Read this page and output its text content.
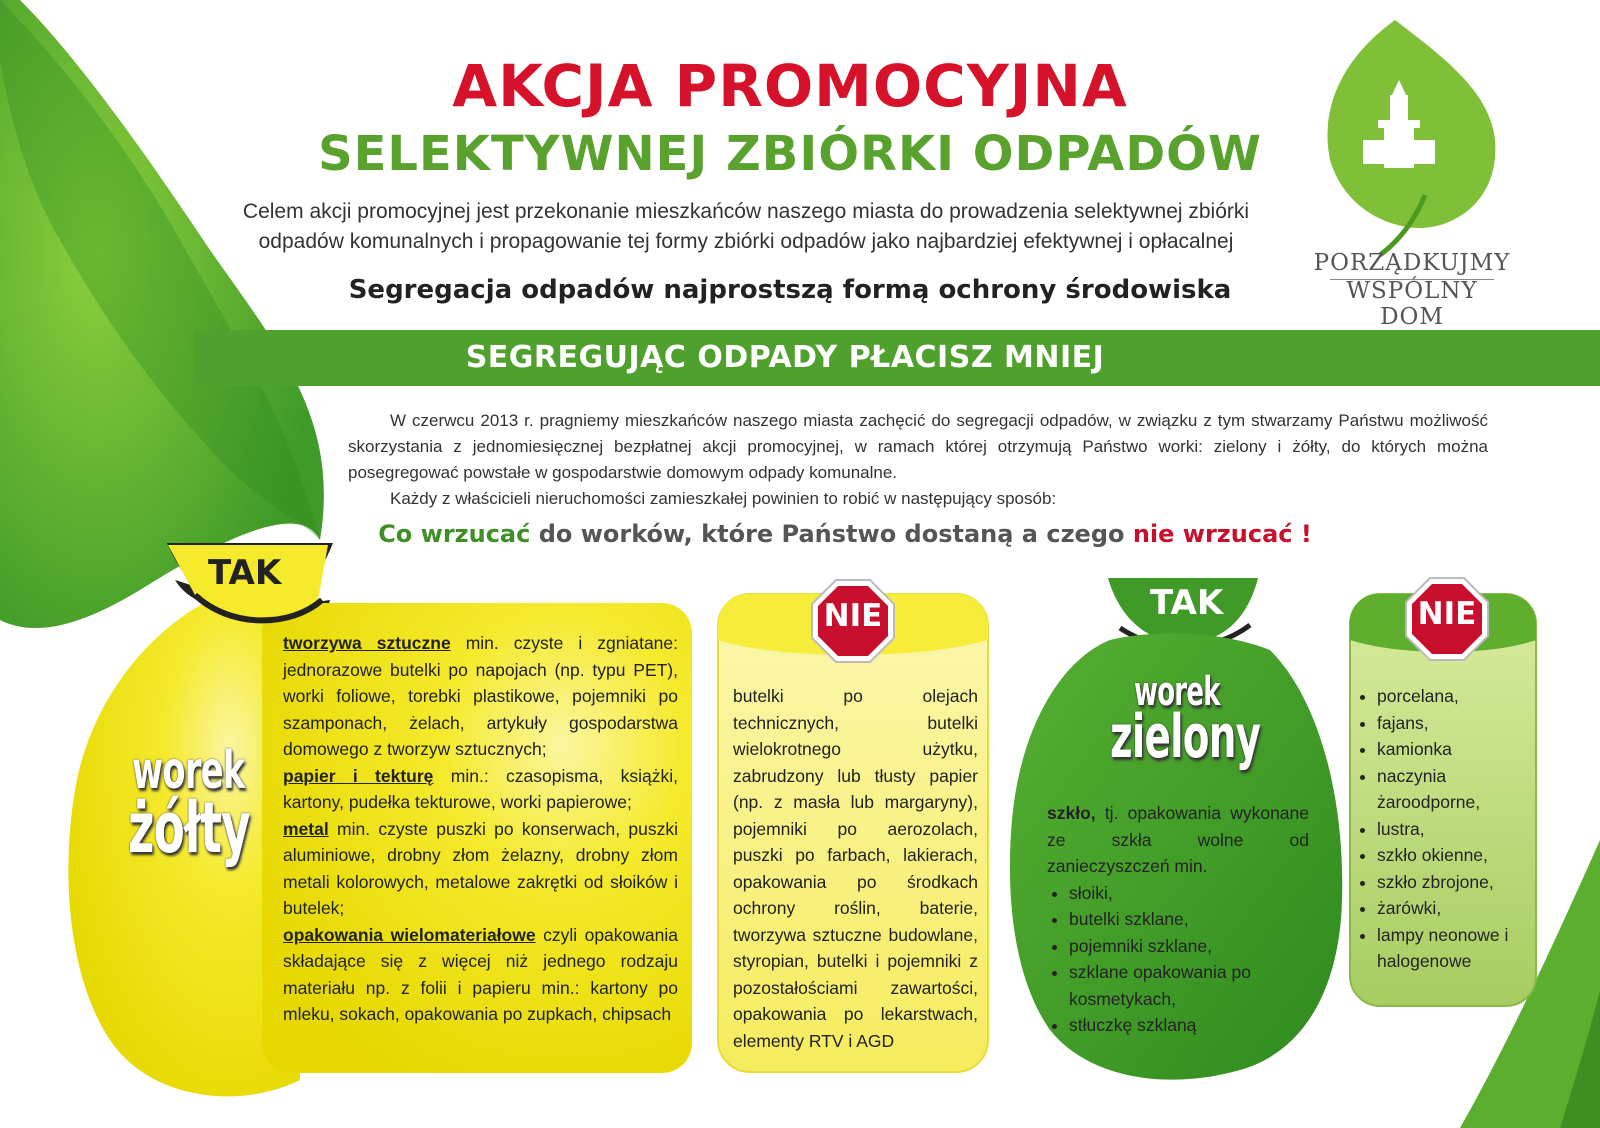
AKCJA PROMOCYJNA
SELEKTYWNEJ ZBIÓRKI ODPADÓW
Celem akcji promocyjnej jest przekonanie mieszkańców naszego miasta do prowadzenia selektywnej zbiórki
odpadów komunalnych i propagowanie tej formy zbiórki odpadów jako najbardziej efektywnej i opłacalnej
Segregacja odpadów najprostszą formą ochrony środowiska
PORZĄDKUJMY
WSPÓLNY DOM
SEGREGUJĄC ODPADY PŁACISZ MNIEJ

W czerwcu 2013 r. pragniemy mieszkańców naszego miasta zachęcić do segregacji odpadów, w związku z tym stwarzamy Państwu możliwość skorzystania z jednomiesięcznej bezpłatnej akcji promocyjnej, w ramach której otrzymują Państwo worki: zielony i żółty, do których można posegregować powstałe w gospodarstwie domowym odpady komunalne.

Każdy z właścicieli nieruchomości zamieszkałej powinien to robić w następujący sposób:

Co wrzucać do worków, które Państwo dostaną a czego nie wrzucać !
TAK
worek
żółty
tworzywa sztuczne min. czyste i zgniatane: jednorazowe butelki po napojach (np. typu PET), worki foliowe, torebki plastikowe, pojemniki po szamponach, żelach, artykuły gospodarstwa domowego z tworzyw sztucznych;
papier i tekturę min.: czasopisma, książki, kartony, pudełka tekturowe, worki papierowe;
metal min. czyste puszki po konserwach, puszki aluminiowe, drobny złom żelazny, drobny złom metali kolorowych, metalowe zakrętki od słoików i butelek;
opakowania wielomateriałowe czyli opakowania składające się z więcej niż jednego rodzaju materiału np. z folii i papieru min.: kartony po mleku, sokach, opakowania po zupkach, chipsach
NIE
butelki po olejach technicznych, butelki wielokrotnego użytku, zabrudzony lub tłusty papier (np. z masła lub margaryny), pojemniki po aerozolach, puszki po farbach, lakierach, opakowania po środkach ochrony roślin, baterie, tworzywa sztuczne budowlane, styropian, butelki i pojemniki z pozostałościami zawartości, opakowania po lekarstwach, elementy RTV i AGD
TAK
worek
zielony
szkło, tj. opakowania wykonane ze szkła wolne od zanieczyszczeń min.
• słoiki,
• butelki szklane,
• pojemniki szklane,
• szklane opakowania po kosmetykach,
• stłuczkę szklaną
NIE
• porcelana,
• fajans,
• kamionka
• naczynia żaroodporne,
• lustra,
• szkło okienne,
• szkło zbrojone,
• żarówki,
• lampy neonowe i halogenowe
